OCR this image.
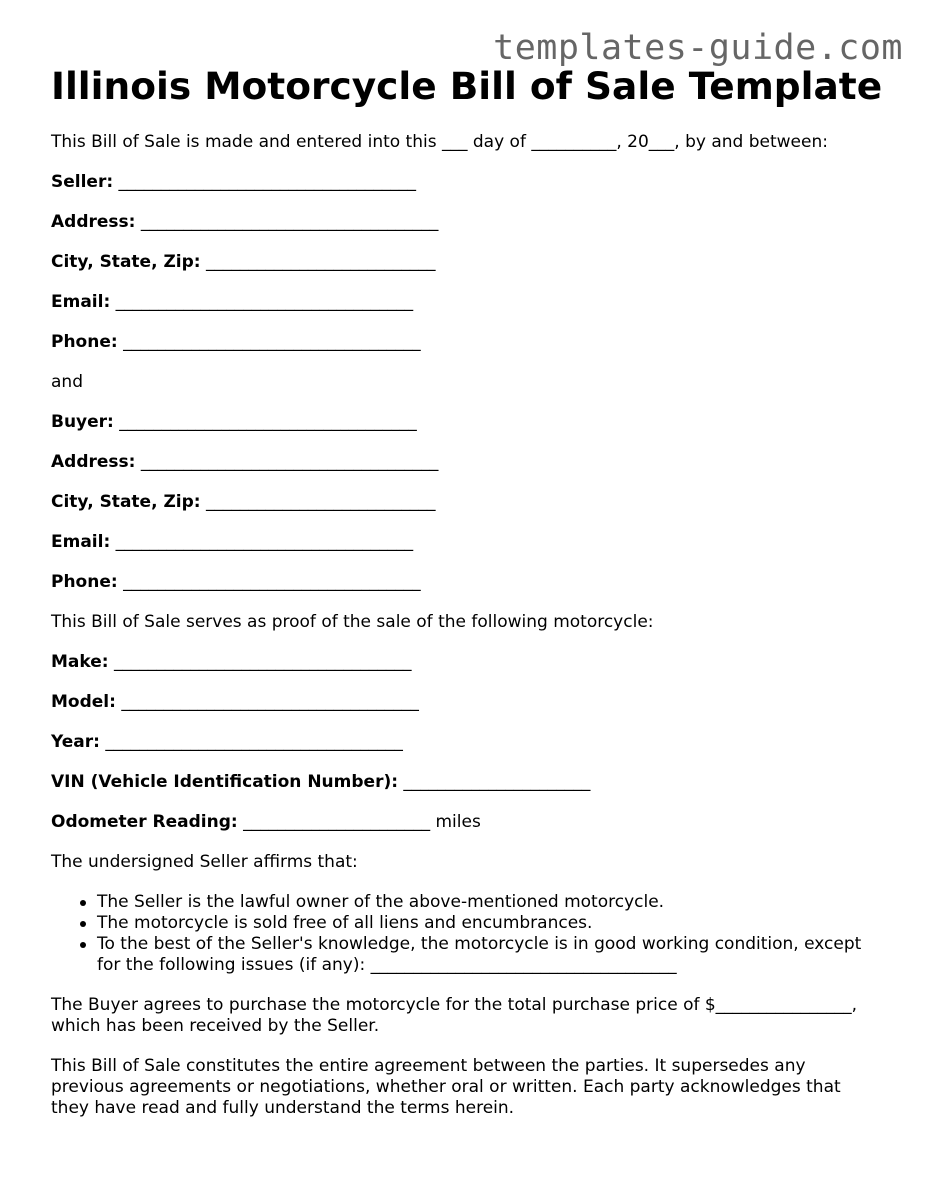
templates-guide.com
Illinois Motorcycle Bill of Sale Template

This Bill of Sale is made and entered into this ___ day of __________, 20___, by and between:

Seller: ___________________________________

Address: ___________________________________

City, State, Zip: ___________________________

Email: ___________________________________

Phone: ___________________________________

and

Buyer: ___________________________________

Address: ___________________________________

City, State, Zip: ___________________________

Email: ___________________________________

Phone: ___________________________________

This Bill of Sale serves as proof of the sale of the following motorcycle:

Make: ___________________________________

Model: ___________________________________

Year: ___________________________________

VIN (Vehicle Identification Number): ______________________

Odometer Reading: ______________________ miles

The undersigned Seller affirms that:

The Seller is the lawful owner of the above-mentioned motorcycle.
The motorcycle is sold free of all liens and encumbrances.
To the best of the Seller's knowledge, the motorcycle is in good working condition, except for the following issues (if any): ____________________________________

The Buyer agrees to purchase the motorcycle for the total purchase price of $________________, which has been received by the Seller.

This Bill of Sale constitutes the entire agreement between the parties. It supersedes any previous agreements or negotiations, whether oral or written. Each party acknowledges that they have read and fully understand the terms herein.
